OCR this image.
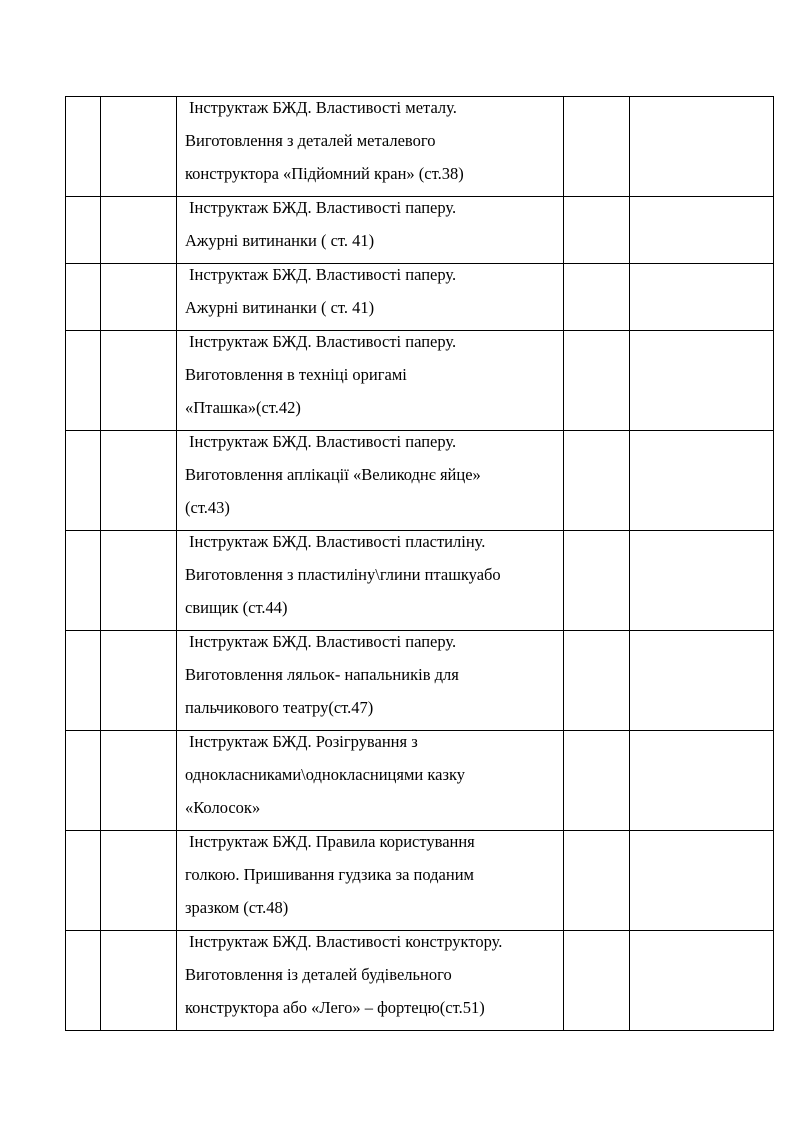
		Інструктаж БЖД. Властивості металу.
Виготовлення з деталей металевого
конструктора «Підйомний кран» (ст.38)		

		Інструктаж БЖД. Властивості паперу.
Ажурні витинанки ( ст. 41)		

		Інструктаж БЖД. Властивості паперу.
Ажурні витинанки ( ст. 41)		

		Інструктаж БЖД. Властивості паперу.
Виготовлення в техніці оригамі
«Пташка»(ст.42)		

		Інструктаж БЖД. Властивості паперу.
Виготовлення аплікації «Великоднє яйце»
(ст.43)		

		Інструктаж БЖД. Властивості пластиліну.
Виготовлення з пластиліну\глини пташкуабо
свищик (ст.44)		

		Інструктаж БЖД. Властивості паперу.
Виготовлення ляльок- напальників для
пальчикового театру(ст.47)		

		Інструктаж БЖД. Розігрування з
однокласниками\однокласницями казку
«Колосок»		

		Інструктаж БЖД. Правила користування
голкою. Пришивання гудзика за поданим
зразком (ст.48)		

		Інструктаж БЖД. Властивості конструктору.
Виготовлення із деталей будівельного
конструктора або «Лего» – фортецю(ст.51)		
